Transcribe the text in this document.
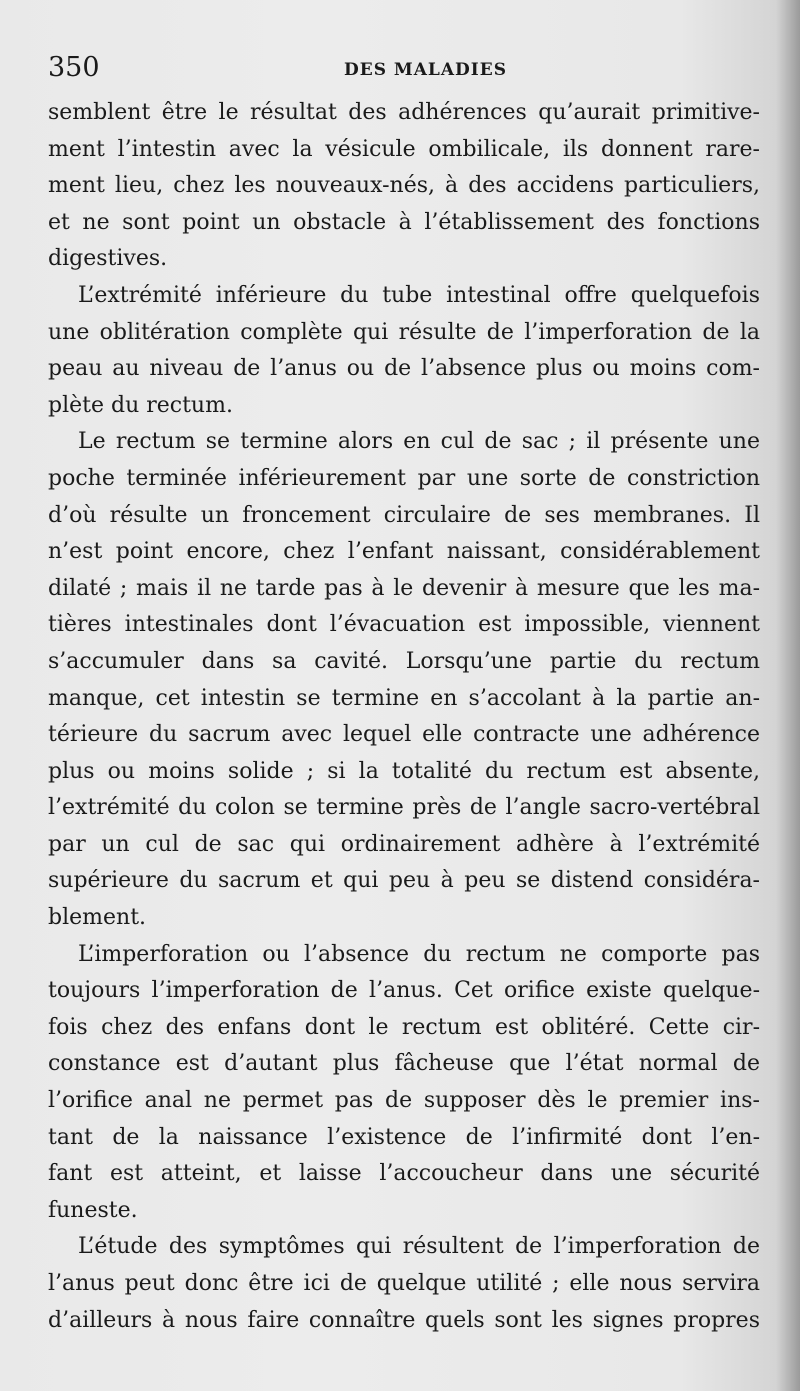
350	DES MALADIES
semblent être le résultat des adhérences qu’aurait primitive-
ment l’intestin avec la vésicule ombilicale, ils donnent rare-
ment lieu, chez les nouveaux-nés, à des accidens particuliers,
et ne sont point un obstacle à l’établissement des fonctions
digestives.
L’extrémité inférieure du tube intestinal offre quelquefois
une oblitération complète qui résulte de l’imperforation de la
peau au niveau de l’anus ou de l’absence plus ou moins com-
plète du rectum.
Le rectum se termine alors en cul de sac ; il présente une
poche terminée inférieurement par une sorte de constriction
d’où résulte un froncement circulaire de ses membranes. Il
n’est point encore, chez l’enfant naissant, considérablement
dilaté ; mais il ne tarde pas à le devenir à mesure que les ma-
tières intestinales dont l’évacuation est impossible, viennent
s’accumuler dans sa cavité. Lorsqu’une partie du rectum
manque, cet intestin se termine en s’accolant à la partie an-
térieure du sacrum avec lequel elle contracte une adhérence
plus ou moins solide ; si la totalité du rectum est absente,
l’extrémité du colon se termine près de l’angle sacro-vertébral
par un cul de sac qui ordinairement adhère à l’extrémité
supérieure du sacrum et qui peu à peu se distend considéra-
blement.
L’imperforation ou l’absence du rectum ne comporte pas
toujours l’imperforation de l’anus. Cet orifice existe quelque-
fois chez des enfans dont le rectum est oblitéré. Cette cir-
constance est d’autant plus fâcheuse que l’état normal de
l’orifice anal ne permet pas de supposer dès le premier ins-
tant de la naissance l’existence de l’infirmité dont l’en-
fant est atteint, et laisse l’accoucheur dans une sécurité
funeste.
L’étude des symptômes qui résultent de l’imperforation de
l’anus peut donc être ici de quelque utilité ; elle nous servira
d’ailleurs à nous faire connaître quels sont les signes propres
